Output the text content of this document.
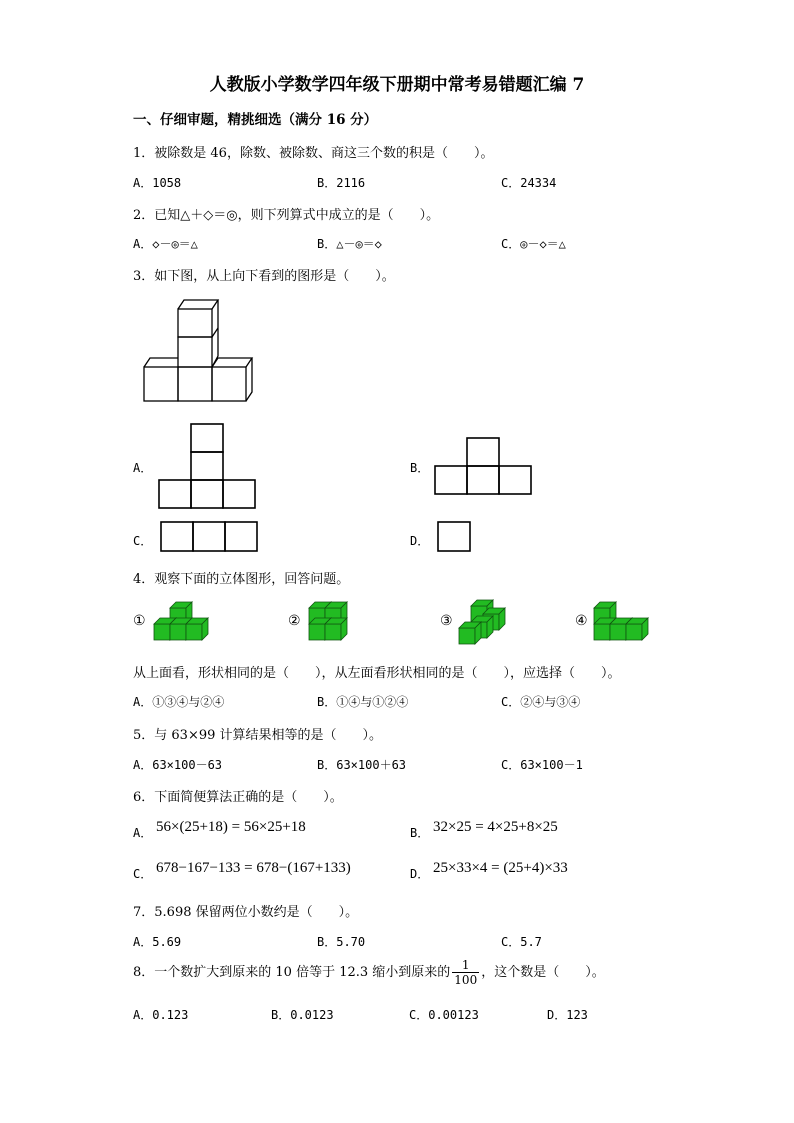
人教版小学数学四年级下册期中常考易错题汇编 7
一、仔细审题，精挑细选（满分 16 分）
1．被除数是 46，除数、被除数、商这三个数的积是（　　）。
A．1058	B．2116	C．24334
2．已知△＋◇＝◎，则下列算式中成立的是（　　）。
A．◇－◎＝△	B．△－◎＝◇	C．◎－◇＝△
3．如下图，从上向下看到的图形是（　　）。
A．	B．
C．	D．
4．观察下面的立体图形，回答问题。
①	②	③	④
从上面看，形状相同的是（　　），从左面看形状相同的是（　　），应选择（　　）。
A．①③④与②④	B．①④与①②④	C．②④与③④
5．与 63×99 计算结果相等的是（　　）。
A．63×100－63	B．63×100＋63	C．63×100－1
6．下面简便算法正确的是（　　）。
A． 56×(25+18) = 56×25+18	B． 32×25 = 4×25+8×25
C． 678−167−133 = 678−(167+133)	D． 25×33×4 = (25+4)×33
7．5.698 保留两位小数约是（　　）。
A．5.69	B．5.70	C．5.7
8．一个数扩大到原来的 10 倍等于 12.3 缩小到原来的 $\frac{1}{100}$ ，这个数是（　　）。
A．0.123	B．0.0123	C．0.00123	D．123
